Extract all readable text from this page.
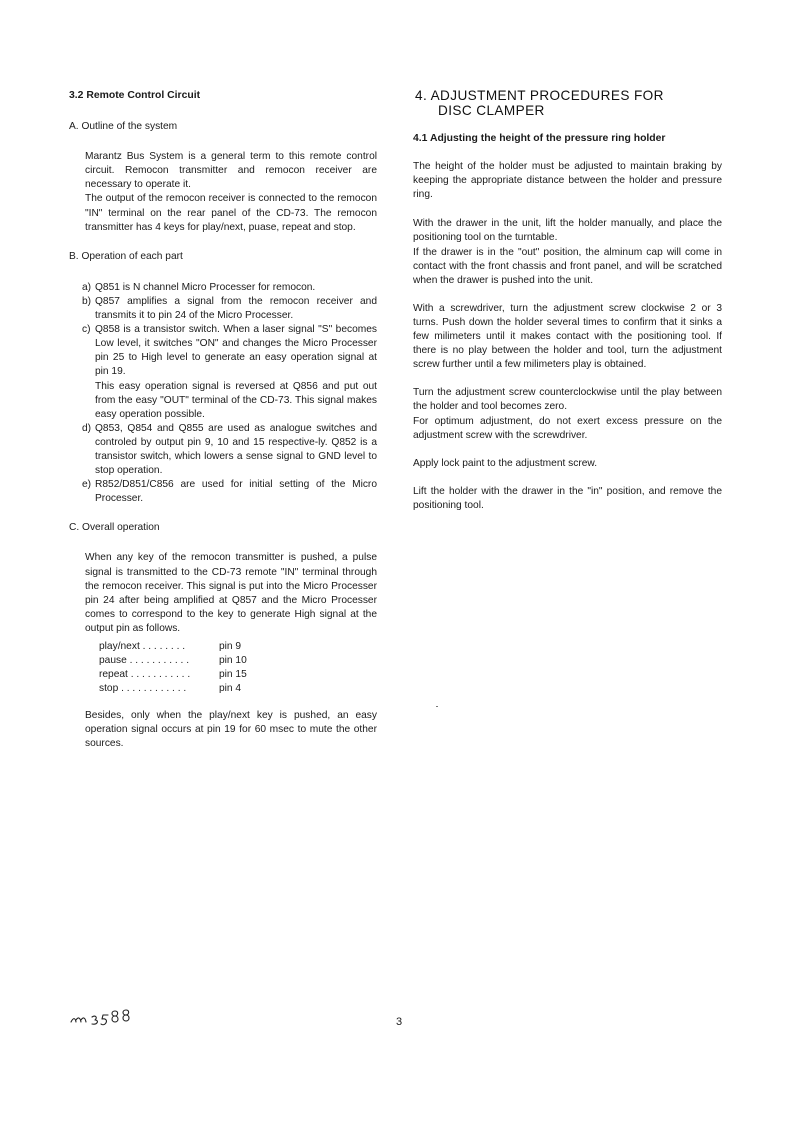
3.2 Remote Control Circuit
A. Outline of the system

Marantz Bus System is a general term to this remote control circuit. Remocon transmitter and remocon receiver are necessary to operate it.

The output of the remocon receiver is connected to the remocon "IN" terminal on the rear panel of the CD-73. The remocon transmitter has 4 keys for play/next, puase, repeat and stop.

B. Operation of each part
a) Q851 is N channel Micro Processer for remocon.
b) Q857 amplifies a signal from the remocon receiver and transmits it to pin 24 of the Micro Processer.
c) Q858 is a transistor switch. When a laser signal "S" becomes Low level, it switches "ON" and changes the Micro Processer pin 25 to High level to generate an easy operation signal at pin 19.
This easy operation signal is reversed at Q856 and put out from the easy "OUT" terminal of the CD-73. This signal makes easy operation possible.
d) Q853, Q854 and Q855 are used as analogue switches and controled by output pin 9, 10 and 15 respective-ly. Q852 is a transistor switch, which lowers a sense signal to GND level to stop operation.
e) R852/D851/C856 are used for initial setting of the Micro Processer.
C. Overall operation

When any key of the remocon transmitter is pushed, a pulse signal is transmitted to the CD-73 remote "IN" terminal through the remocon receiver. This signal is put into the Micro Processer pin 24 after being amplified at Q857 and the Micro Processer comes to correspond to the key to generate High signal at the output pin as follows.

play/next . . . . . . . .	pin 9
pause . . . . . . . . . . .	pin 10
repeat . . . . . . . . . . .	pin 15
stop . . . . . . . . . . . .	pin 4

Besides, only when the play/next key is pushed, an easy operation signal occurs at pin 19 for 60 msec to mute the other sources.

4. ADJUSTMENT PROCEDURES FOR
DISC CLAMPER
4.1 Adjusting the height of the pressure ring holder

The height of the holder must be adjusted to maintain braking by keeping the appropriate distance between the holder and pressure ring.

With the drawer in the unit, lift the holder manually, and place the positioning tool on the turntable.

If the drawer is in the "out" position, the alminum cap will come in contact with the front chassis and front panel, and will be scratched when the drawer is pushed into the unit.

With a screwdriver, turn the adjustment screw clockwise 2 or 3 turns. Push down the holder several times to confirm that it sinks a few milimeters until it makes contact with the positioning tool. If there is no play between the holder and tool, turn the adjustment screw further until a few milimeters play is obtained.

Turn the adjustment screw counterclockwise until the play between the holder and tool becomes zero.

For optimum adjustment, do not exert excess pressure on the adjustment screw with the screwdriver.

Apply lock paint to the adjustment screw.

Lift the holder with the drawer in the "in" position, and remove the positioning tool.

3
